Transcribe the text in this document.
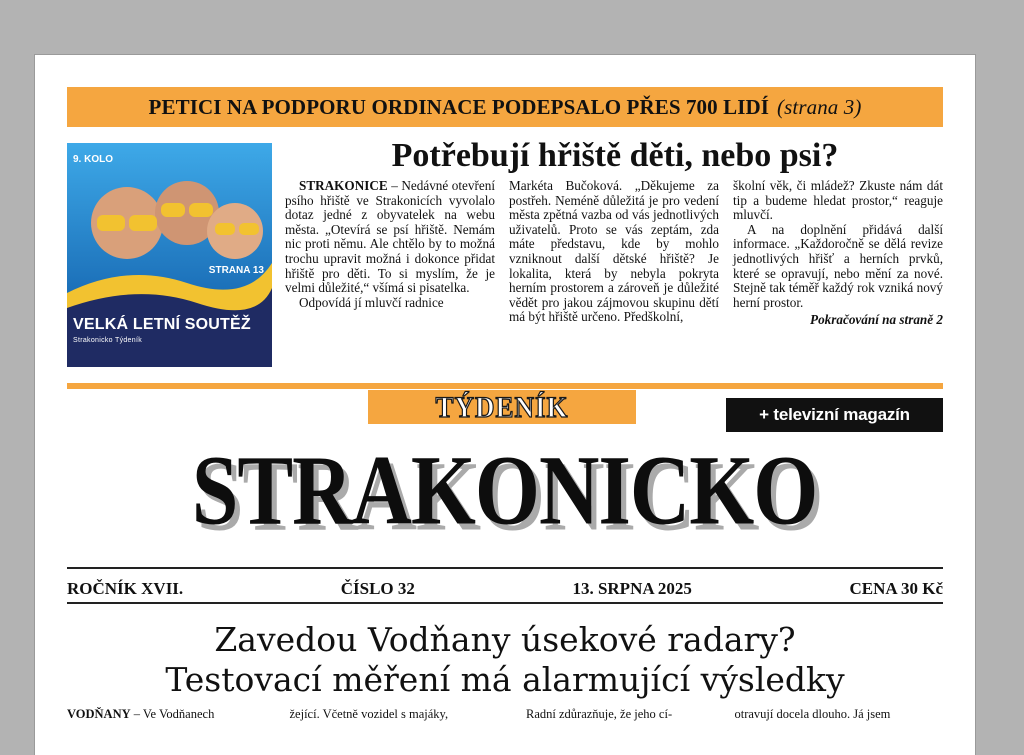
PETICI NA PODPORU ORDINACE PODEPSALO PŘES 700 LIDÍ (strana 3)
9. KOLO
STRANA 13
VELKÁ LETNÍ SOUTĚŽ
Strakonicko Týdeník
Potřebují hřiště děti, nebo psi?

STRAKONICE – Nedávné otevření psího hřiště ve Strakonicích vyvolalo dotaz jedné z obyvatelek na webu města. „Otevírá se psí hřiště. Nemám nic proti němu. Ale chtělo by to možná trochu upravit možná i dokonce přidat hřiště pro děti. To si myslím, že je velmi důležité,“ všímá si pisatelka.

Odpovídá jí mluvčí radnice

Markéta Bučoková. „Děkujeme za postřeh. Neméně důležitá je pro vedení města zpětná vazba od vás jednotlivých uživatelů. Proto se vás zeptám, zda máte představu, kde by mohlo vzniknout další dětské hřiště? Je lokalita, která by nebyla pokryta herním prostorem a zároveň je důležité vědět pro jakou zájmovou skupinu dětí má být hřiště určeno. Předškolní,

školní věk, či mládež? Zkuste nám dát tip a budeme hledat prostor,“ reaguje mluvčí.

A na doplnění přidává další informace. „Každoročně se dělá revize jednotlivých hřišť a herních prvků, které se opravují, nebo mění za nové. Stejně tak téměř každý rok vzniká nový herní prostor.

Pokračování na straně 2

TÝDENÍK	+ televizní magazín
STRAKONICKO
ROČNÍK XVII.	ČÍSLO 32	13. SRPNA 2025	CENA 30 Kč
Zavedou Vodňany úsekové radary?
Testovací měření má alarmující výsledky

VODŇANY – Ve Vodňanech	žející. Včetně vozidel s majáky,	Radní zdůrazňuje, že jeho cí-	otravují docela dlouho. Já jsem
